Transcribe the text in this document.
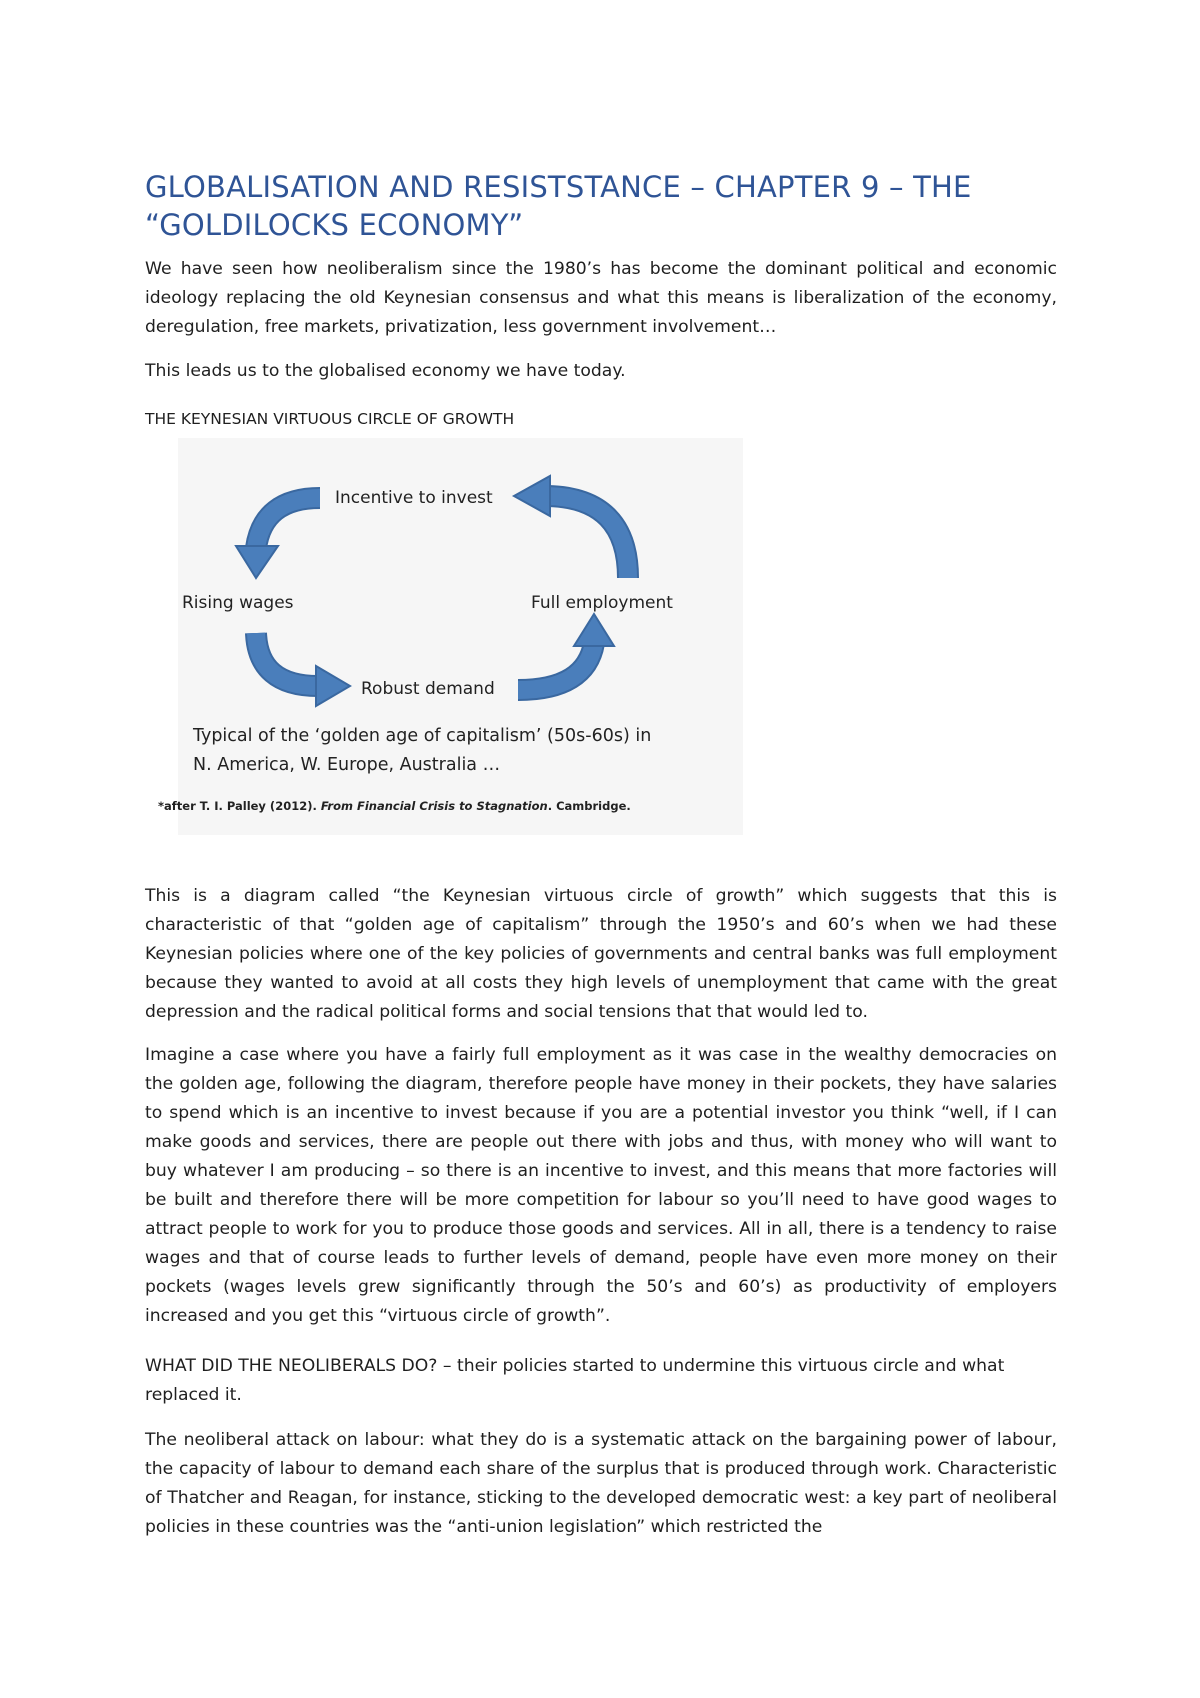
GLOBALISATION AND RESISTSTANCE – CHAPTER 9 – THE “GOLDILOCKS ECONOMY”

We have seen how neoliberalism since the 1980’s has become the dominant political and economic ideology replacing the old Keynesian consensus and what this means is liberalization of the economy, deregulation, free markets, privatization, less government involvement…

This leads us to the globalised economy we have today.

THE KEYNESIAN VIRTUOUS CIRCLE OF GROWTH

Incentive to invest
Rising wages	Full employment
Robust demand
Typical of the ‘golden age of capitalism’ (50s-60s) in
N. America, W. Europe, Australia …
*after T. I. Palley (2012). From Financial Crisis to Stagnation. Cambridge.

This is a diagram called “the Keynesian virtuous circle of growth” which suggests that this is characteristic of that “golden age of capitalism” through the 1950’s and 60’s when we had these Keynesian policies where one of the key policies of governments and central banks was full employment because they wanted to avoid at all costs they high levels of unemployment that came with the great depression and the radical political forms and social tensions that that would led to.

Imagine a case where you have a fairly full employment as it was case in the wealthy democracies on the golden age, following the diagram, therefore people have money in their pockets, they have salaries to spend which is an incentive to invest because if you are a potential investor you think “well, if I can make goods and services, there are people out there with jobs and thus, with money who will want to buy whatever I am producing – so there is an incentive to invest, and this means that more factories will be built and therefore there will be more competition for labour so you’ll need to have good wages to attract people to work for you to produce those goods and services. All in all, there is a tendency to raise wages and that of course leads to further levels of demand, people have even more money on their pockets (wages levels grew significantly through the 50’s and 60’s) as productivity of employers increased and you get this “virtuous circle of growth”.

WHAT DID THE NEOLIBERALS DO? – their policies started to undermine this virtuous circle and what replaced it.

The neoliberal attack on labour: what they do is a systematic attack on the bargaining power of labour, the capacity of labour to demand each share of the surplus that is produced through work. Characteristic of Thatcher and Reagan, for instance, sticking to the developed democratic west: a key part of neoliberal policies in these countries was the “anti-union legislation” which restricted the
